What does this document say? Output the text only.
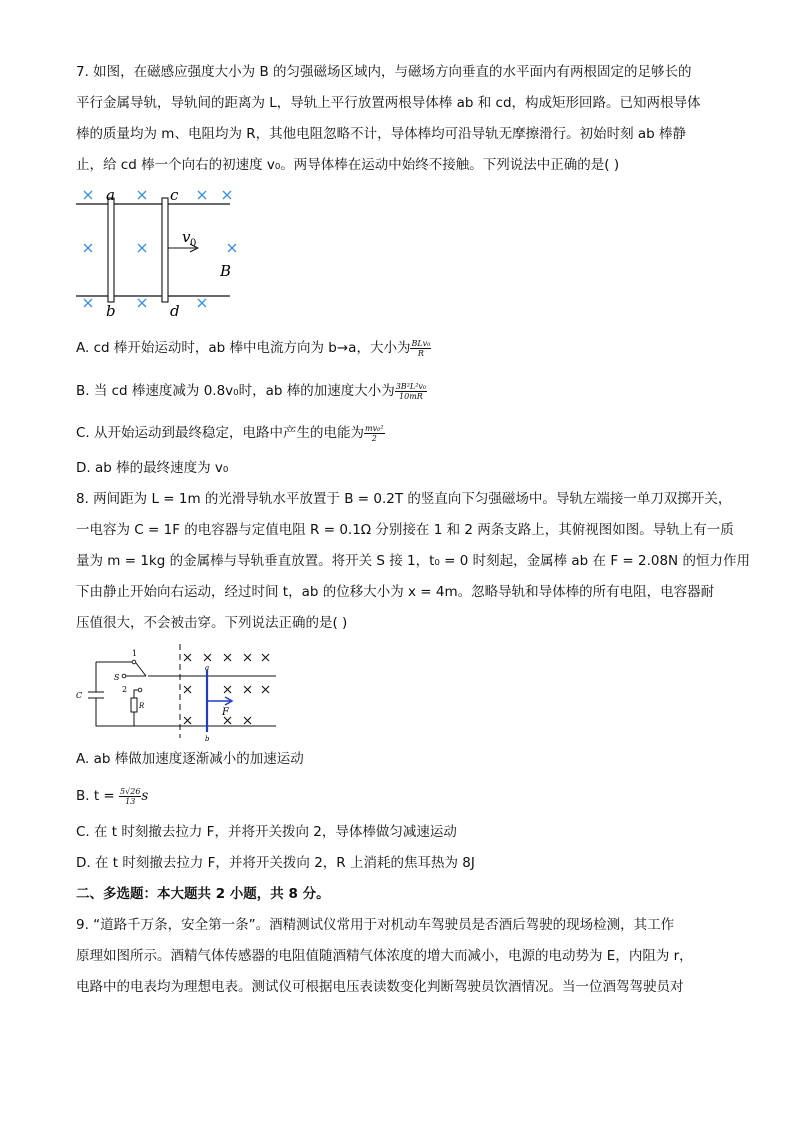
7. 如图，在磁感应强度大小为 B 的匀强磁场区域内，与磁场方向垂直的水平面内有两根固定的足够长的
平行金属导轨，导轨间的距离为 L，导轨上平行放置两根导体棒 ab 和 cd，构成矩形回路。已知两根导体
棒的质量均为 m、电阻均为 R，其他电阻忽略不计，导体棒均可沿导轨无摩擦滑行。初始时刻 ab 棒静
止，给 cd 棒一个向右的初速度 v₀。两导体棒在运动中始终不接触。下列说法中正确的是( )
a
b
c
d
v 0
B
A. cd 棒开始运动时，ab 棒中电流方向为 b→a，大小为 $\frac{\text{BLv₀}}{R}$
B. 当 cd 棒速度减为 0.8v₀时，ab 棒的加速度大小为 $\frac{\text{3B²L²v₀}}{10mR}$
C. 从开始运动到最终稳定，电路中产生的电能为 $\frac{\text{mv₀²}}{2}$
D. ab 棒的最终速度为 v₀
8. 两间距为 L = 1m 的光滑导轨水平放置于 B = 0.2T 的竖直向下匀强磁场中。导轨左端接一单刀双掷开关，
一电容为 C = 1F 的电容器与定值电阻 R = 0.1Ω 分别接在 1 和 2 两条支路上，其俯视图如图。导轨上有一质
量为 m = 1kg 的金属棒与导轨垂直放置。将开关 S 接 1，t₀ = 0 时刻起，金属棒 ab 在 F = 2.08N 的恒力作用
下由静止开始向右运动，经过时间 t，ab 的位移大小为 x = 4m。忽略导轨和导体棒的所有电阻，电容器耐
压值很大，不会被击穿。下列说法正确的是( )
1
2
S
C
R
a
b
F
A. ab 棒做加速度逐渐减小的加速运动
B. $t = \frac{5√26}{13}$ s
C. 在 t 时刻撤去拉力 F，并将开关拨向 2，导体棒做匀减速运动
D. 在 t 时刻撤去拉力 F，并将开关拨向 2，R 上消耗的焦耳热为 8J
二、多选题：本大题共 2 小题，共 8 分。
9. “道路千万条，安全第一条”。酒精测试仪常用于对机动车驾驶员是否酒后驾驶的现场检测，其工作
原理如图所示。酒精气体传感器的电阻值随酒精气体浓度的增大而减小，电源的电动势为 E，内阻为 r，
电路中的电表均为理想电表。测试仪可根据电压表读数变化判断驾驶员饮酒情况。当一位酒驾驾驶员对
